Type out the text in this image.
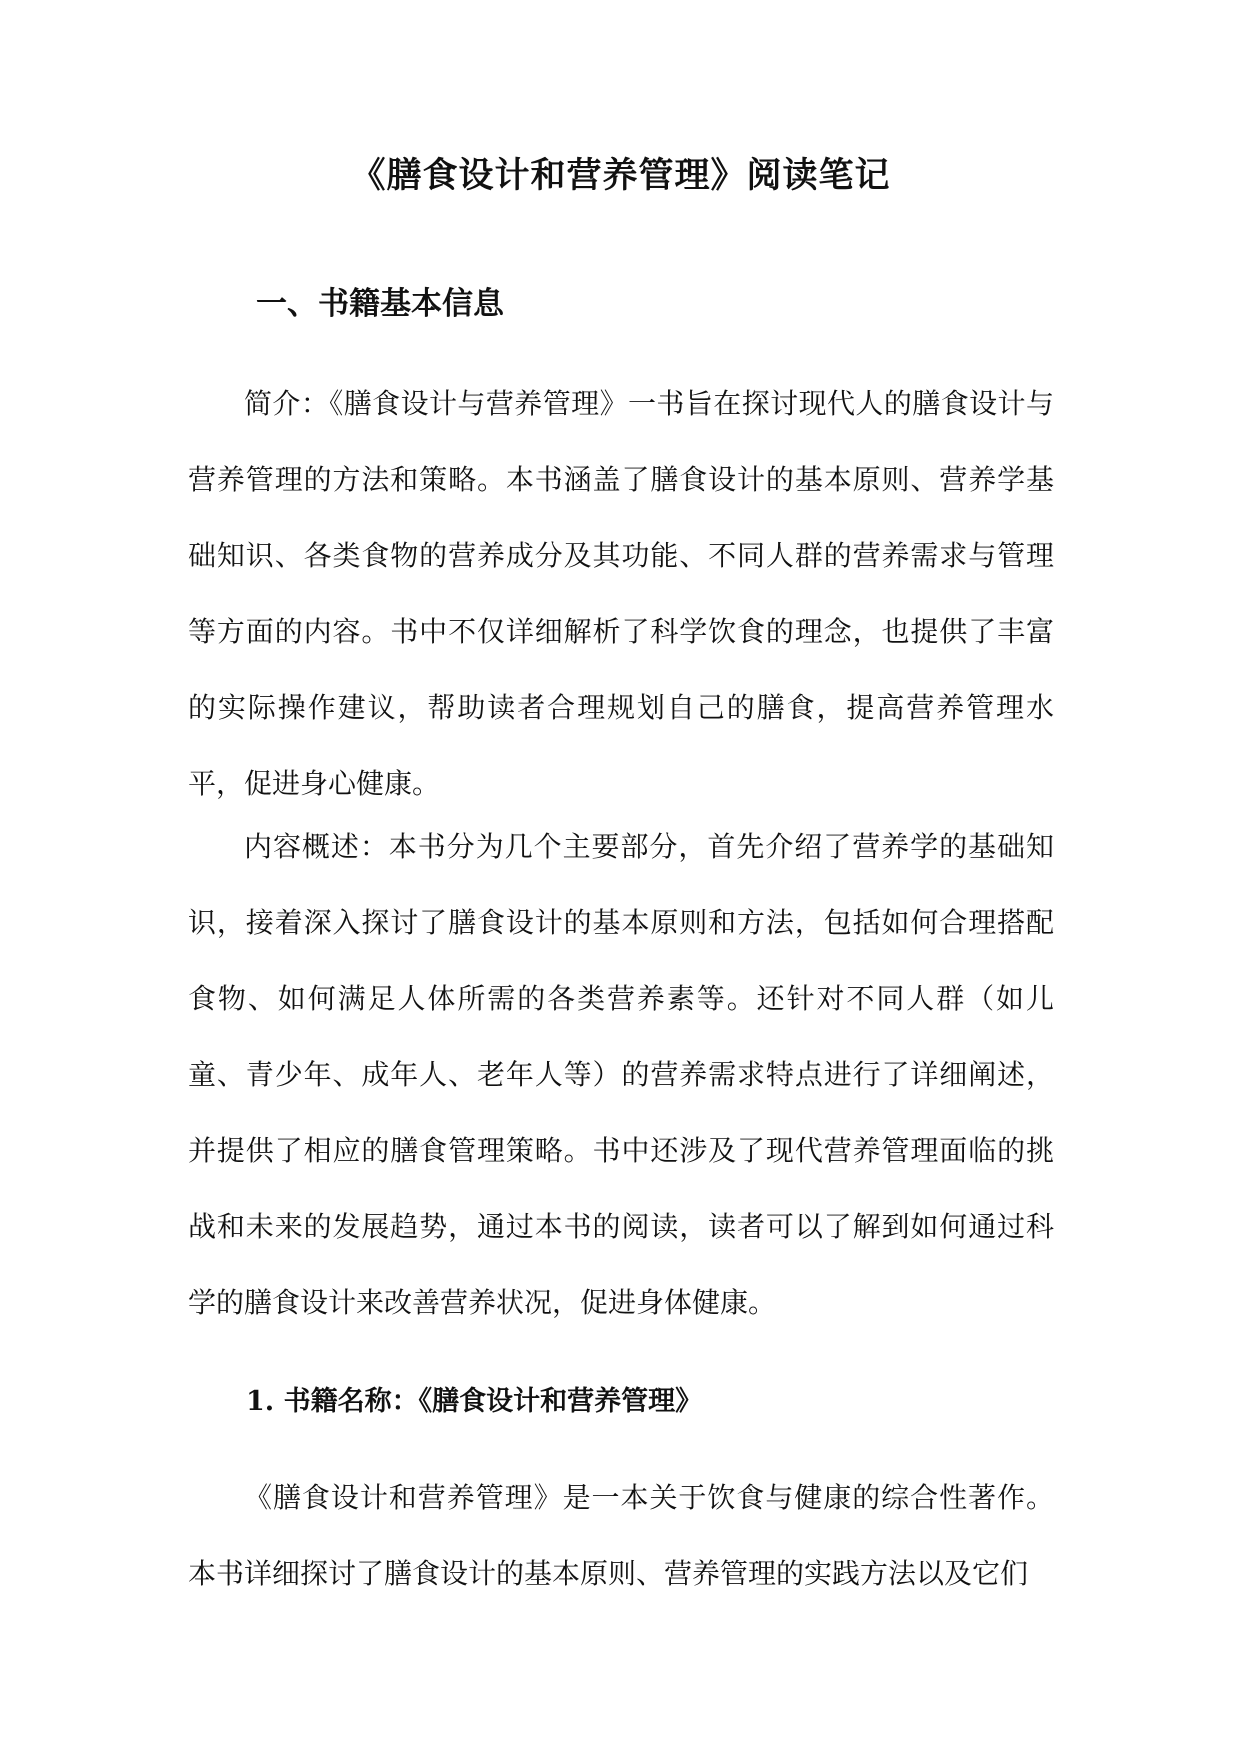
《膳食设计和营养管理》阅读笔记
一、书籍基本信息

简介：《膳食设计与营养管理》一书旨在探讨现代人的膳食设计与营养管理的方法和策略。本书涵盖了膳食设计的基本原则、营养学基础知识、各类食物的营养成分及其功能、不同人群的营养需求与管理等方面的内容。书中不仅详细解析了科学饮食的理念，也提供了丰富的实际操作建议，帮助读者合理规划自己的膳食，提高营养管理水平，促进身心健康。

内容概述：本书分为几个主要部分，首先介绍了营养学的基础知识，接着深入探讨了膳食设计的基本原则和方法，包括如何合理搭配食物、如何满足人体所需的各类营养素等。还针对不同人群（如儿童、青少年、成年人、老年人等）的营养需求特点进行了详细阐述，并提供了相应的膳食管理策略。书中还涉及了现代营养管理面临的挑战和未来的发展趋势，通过本书的阅读，读者可以了解到如何通过科学的膳食设计来改善营养状况，促进身体健康。

1. 书籍名称：《膳食设计和营养管理》

《膳食设计和营养管理》是一本关于饮食与健康的综合性著作。本书详细探讨了膳食设计的基本原则、营养管理的实践方法以及它们
